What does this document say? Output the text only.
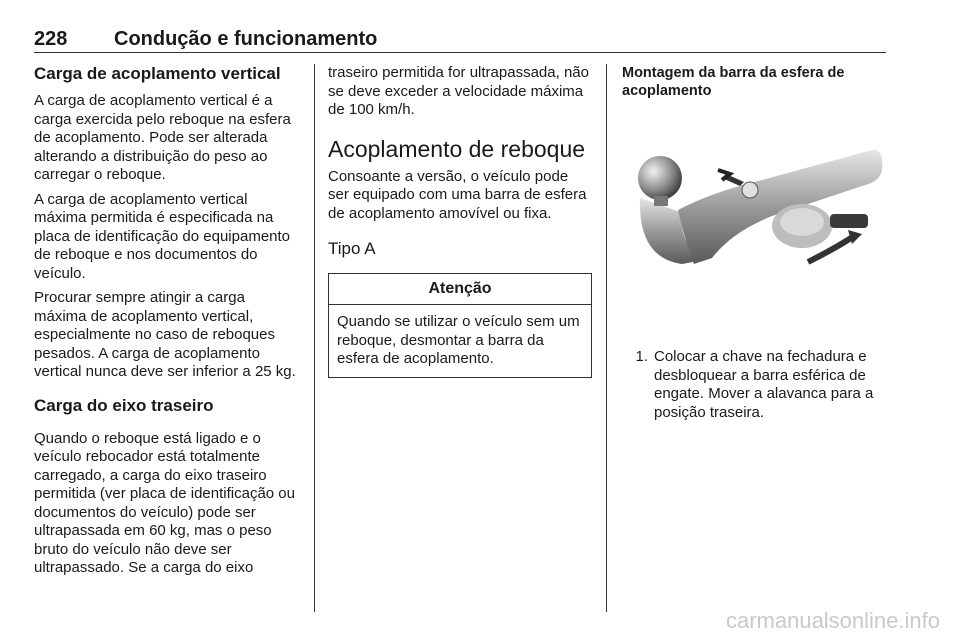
228 Condução e funcionamento
Carga de acoplamento vertical

A carga de acoplamento vertical é a carga exercida pelo reboque na esfera de acoplamento. Pode ser alterada alterando a distribuição do peso ao carregar o reboque.

A carga de acoplamento vertical máxima permitida é especificada na placa de identificação do equipamento de reboque e nos documentos do veículo.

Procurar sempre atingir a carga máxima de acoplamento vertical, especialmente no caso de reboques pesados. A carga de acoplamento vertical nunca deve ser inferior a 25 kg.

Carga do eixo traseiro

Quando o reboque está ligado e o veículo rebocador está totalmente carregado, a carga do eixo traseiro permitida (ver placa de identificação ou documentos do veículo) pode ser ultrapassada em 60 kg, mas o peso bruto do veículo não deve ser ultrapassado. Se a carga do eixo

traseiro permitida for ultrapassada, não se deve exceder a velocidade máxima de 100 km/h.

Acoplamento de reboque

Consoante a versão, o veículo pode ser equipado com uma barra de esfera de acoplamento amovível ou fixa.

Tipo A
Atenção
Quando se utilizar o veículo sem um reboque, desmontar a barra da esfera de acoplamento.
Montagem da barra da esfera de acoplamento
1. Colocar a chave na fechadura e desbloquear a barra esférica de engate. Mover a alavanca para a posição traseira.
carmanualsonline.info
